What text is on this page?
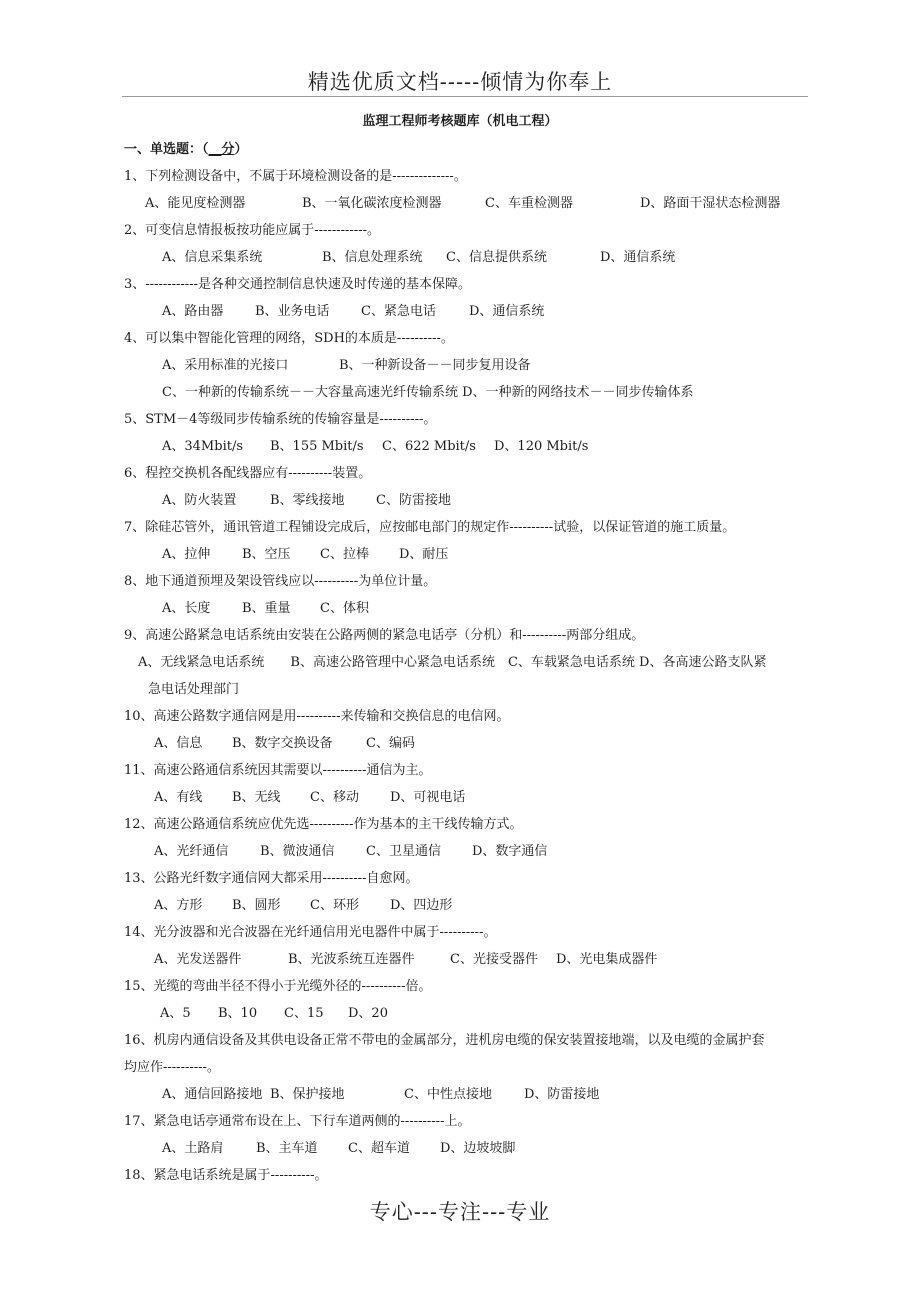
精选优质文档-----倾情为你奉上
监理工程师考核题库（机电工程）
一、单选题：（__分）
1、下列检测设备中，不属于环境检测设备的是--------------。
A、能见度检测器	B、一氧化碳浓度检测器	C、车重检测器	D、路面干湿状态检测器
2、可变信息情报板按功能应属于------------。
A、信息采集系统	B、信息处理系统 C、信息提供系统	D、通信系统
3、------------是各种交通控制信息快速及时传递的基本保障。
A、路由器 B、业务电话 C、紧急电话	D、通信系统
4、可以集中智能化管理的网络，SDH的本质是----------。
A、采用标准的光接口	B、一种新设备－－同步复用设备
C、一种新的传输系统－－大容量高速光纤传输系统 D、一种新的网络技术－－同步传输体系
5、STM－4等级同步传输系统的传输容量是----------。
A、34Mbit/s B、155 Mbit/s C、622 Mbit/s D、120 Mbit/s
6、程控交换机各配线器应有----------装置。
A、防火装置	B、零线接地 C、防雷接地
7、除硅芯管外，通讯管道工程铺设完成后，应按邮电部门的规定作----------试验，以保证管道的施工质量。
A、拉伸 B、空压 C、拉棒 D、耐压
8、地下通道预埋及架设管线应以----------为单位计量。
A、长度 B、重量 C、体积
9、高速公路紧急电话系统由安装在公路两侧的紧急电话亭（分机）和----------两部分组成。
A、无线紧急电话系统　　B、高速公路管理中心紧急电话系统　C、车载紧急电话系统 D、各高速公路支队紧
急电话处理部门
10、高速公路数字通信网是用----------来传输和交换信息的电信网。
A、信息 B、数字交换设备	C、编码
11、高速公路通信系统因其需要以----------通信为主。
A、有线 B、无线 C、移动 D、可视电话
12、高速公路通信系统应优先选----------作为基本的主干线传输方式。
A、光纤通信 B、微波通信 C、卫星通信 D、数字通信
13、公路光纤数字通信网大都采用----------自愈网。
A、方形 B、圆形 C、环形 D、四边形
14、光分波器和光合波器在光纤通信用光电器件中属于----------。
A、光发送器件	B、光波系统互连器件	C、光接受器件 D、光电集成器件
15、光缆的弯曲半径不得小于光缆外径的----------倍。
A、5 B、10 C、15 D、20
16、机房内通信设备及其供电设备正常不带电的金属部分，进机房电缆的保安装置接地端，以及电缆的金属护套
均应作----------。
A、通信回路接地 B、保护接地	C、中性点接地 D、防雷接地
17、紧急电话亭通常布设在上、下行车道两侧的----------上。
A、土路肩	B、主车道 C、超车道 D、边坡坡脚
18、紧急电话系统是属于----------。
专心---专注---专业
